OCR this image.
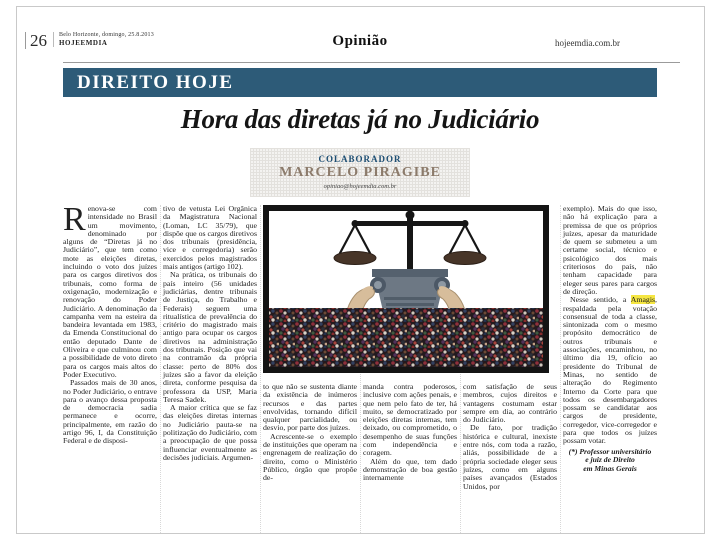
26 Belo Horizonte, domingo, 25.8.2013
HOJEEMDIA	Opinião	hojeemdia.com.br
DIREITO HOJE
Hora das diretas já no Judiciário
COLABORADOR
MARCELO PIRAGIBE
opiniao@hojeemdia.com.br

Renova-se com intensidade no Brasil um movimento, denominado por alguns de “Diretas já no Judiciário”, que tem como mote as eleições diretas, incluindo o voto dos juízes para os cargos diretivos dos tribunais, como forma de oxigenação, modernização e renovação do Poder Judiciário. A denominação da campanha vem na esteira da bandeira levantada em 1983, da Emenda Constitucional do então deputado Dante de Oliveira e que culminou com a possibilidade de voto direto para os cargos mais altos do Poder Executivo.

Passados mais de 30 anos, no Poder Judiciário, o entrave para o avanço dessa proposta de democracia sadia permanece e ocorre, principalmente, em razão do artigo 96, I, da Constituição Federal e de disposi-

tivo de vetusta Lei Orgânica da Magistratura Nacional (Loman, LC 35/79), que dispõe que os cargos diretivos dos tribunais (presidência, vice e corregedoria) serão exercidos pelos magistrados mais antigos (artigo 102).

Na prática, os tribunais do país inteiro (56 unidades judiciárias, dentre tribunais de Justiça, do Trabalho e Federais) seguem uma ritualística de prevalência do critério do magistrado mais antigo para ocupar os cargos diretivos na administração dos tribunais. Posição que vai na contramão da própria classe: perto de 80% dos juízes são a favor da eleição direta, conforme pesquisa da professora da USP, Maria Teresa Sadek.

A maior crítica que se faz das eleições diretas internas no Judiciário pauta-se na politização do Judiciário, com a preocupação de que possa influenciar eventualmente as decisões judiciais. Argumen-

to que não se sustenta diante da existência de inúmeros recursos e das partes envolvidas, tornando difícil qualquer parcialidade, ou desvio, por parte dos juízes.

Acrescente-se o exemplo de instituições que operam na engrenagem de realização do direito, como o Ministério Público, órgão que propõe de-

manda contra poderosos, inclusive com ações penais, e que nem pelo fato de ter, há muito, se democratizado por eleições diretas internas, tem deixado, ou comprometido, o desempenho de suas funções com independência e coragem.

Além do que, tem dado demonstração de boa gestão internamente

com satisfação de seus membros, cujos direitos e vantagens costumam estar sempre em dia, ao contrário do Judiciário.

De fato, por tradição histórica e cultural, inexiste entre nós, com toda a razão, aliás, possibilidade de a própria sociedade eleger seus juízes, como em alguns países avançados (Estados Unidos, por

exemplo). Mais do que isso, não há explicação para a premissa de que os próprios juízes, apesar da maturidade de quem se submeteu a um certame social, técnico e psicológico dos mais criteriosos do país, não tenham capacidade para eleger seus pares para cargos de direção.

Nesse sentido, a Amagis, respaldada pela votação consensual de toda a classe, sintonizada com o mesmo propósito democrático de outros tribunais e associações, encaminhou, no último dia 19, ofício ao presidente do Tribunal de Minas, no sentido de alteração do Regimento Interno da Corte para que todos os desembargadores possam se candidatar aos cargos de presidente, corregedor, vice-corregedor e para que todos os juízes possam votar.

(*) Professor universitário
e juiz de Direito
em Minas Gerais
